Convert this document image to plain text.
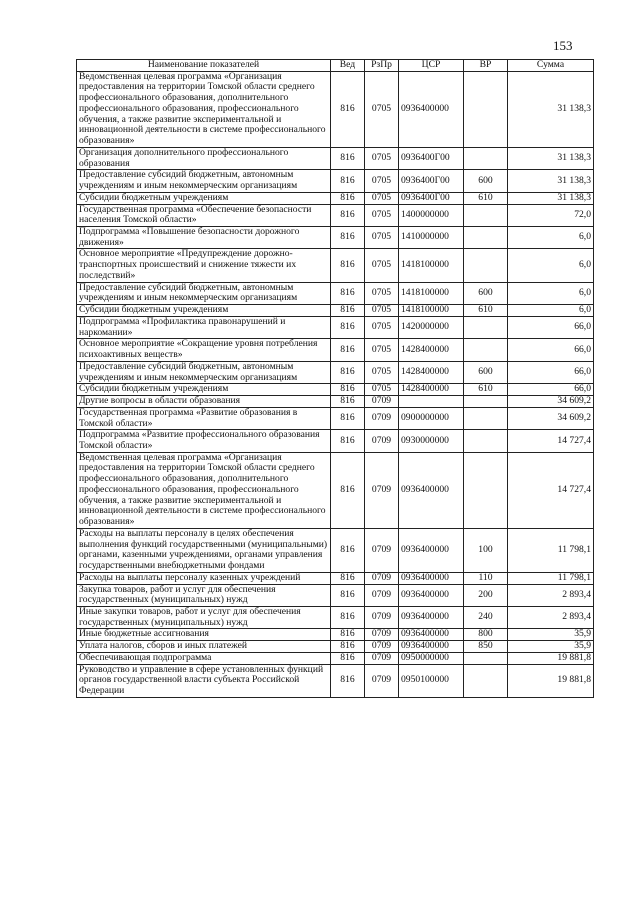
153
Наименование показателей	Вед	РзПр	ЦСР	ВР	Сумма
Ведомственная целевая программа «Организация предоставления на территории Томской области среднего профессионального образования, дополнительного профессионального образования, профессионального обучения, а также развитие экспериментальной и инновационной деятельности в системе профессионального образования»	816	0705	0936400000		31 138,3
Организация дополнительного профессионального образования	816	0705	0936400Г00		31 138,3
Предоставление субсидий бюджетным, автономным учреждениям и иным некоммерческим организациям	816	0705	0936400Г00	600	31 138,3
Субсидии бюджетным учреждениям	816	0705	0936400Г00	610	31 138,3
Государственная программа «Обеспечение безопасности населения Томской области»	816	0705	1400000000		72,0
Подпрограмма «Повышение безопасности дорожного движения»	816	0705	1410000000		6,0
Основное мероприятие «Предупреждение дорожно-транспортных происшествий и снижение тяжести их последствий»	816	0705	1418100000		6,0
Предоставление субсидий бюджетным, автономным учреждениям и иным некоммерческим организациям	816	0705	1418100000	600	6,0
Субсидии бюджетным учреждениям	816	0705	1418100000	610	6,0
Подпрограмма «Профилактика правонарушений и наркомании»	816	0705	1420000000		66,0
Основное мероприятие «Сокращение уровня потребления психоактивных веществ»	816	0705	1428400000		66,0
Предоставление субсидий бюджетным, автономным учреждениям и иным некоммерческим организациям	816	0705	1428400000	600	66,0
Субсидии бюджетным учреждениям	816	0705	1428400000	610	66,0
Другие вопросы в области образования	816	0709			34 609,2
Государственная программа «Развитие образования в Томской области»	816	0709	0900000000		34 609,2
Подпрограмма «Развитие профессионального образования Томской области»	816	0709	0930000000		14 727,4
Ведомственная целевая программа «Организация предоставления на территории Томской области среднего профессионального образования, дополнительного профессионального образования, профессионального обучения, а также развитие экспериментальной и инновационной деятельности в системе профессионального образования»	816	0709	0936400000		14 727,4
Расходы на выплаты персоналу в целях обеспечения выполнения функций государственными (муниципальными) органами, казенными учреждениями, органами управления государственными внебюджетными фондами	816	0709	0936400000	100	11 798,1
Расходы на выплаты персоналу казенных учреждений	816	0709	0936400000	110	11 798,1
Закупка товаров, работ и услуг для обеспечения государственных (муниципальных) нужд	816	0709	0936400000	200	2 893,4
Иные закупки товаров, работ и услуг для обеспечения государственных (муниципальных) нужд	816	0709	0936400000	240	2 893,4
Иные бюджетные ассигнования	816	0709	0936400000	800	35,9
Уплата налогов, сборов и иных платежей	816	0709	0936400000	850	35,9
Обеспечивающая подпрограмма	816	0709	0950000000		19 881,8
Руководство и управление в сфере установленных функций органов государственной власти субъекта Российской Федерации	816	0709	0950100000		19 881,8
